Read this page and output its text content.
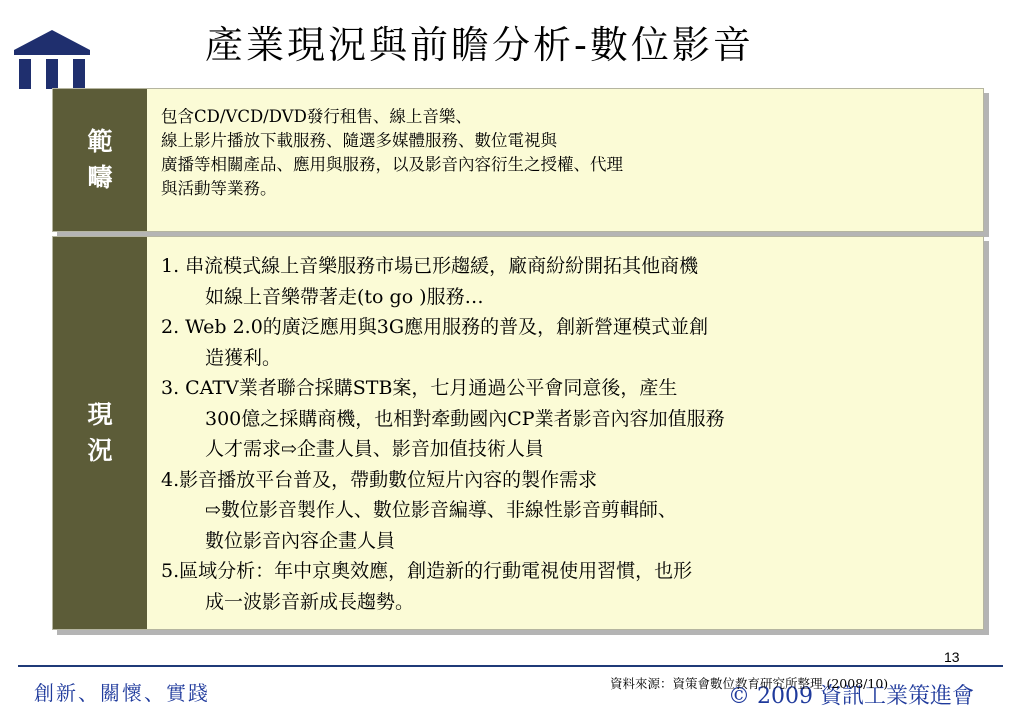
產業現況與前瞻分析-數位影音
範疇
包含CD/VCD/DVD發行租售、線上音樂、
線上影片播放下載服務、隨選多媒體服務、數位電視與
廣播等相關產品、應用與服務，以及影音內容衍生之授權、代理
與活動等業務。
現況
1. 串流模式線上音樂服務市場已形趨緩，廠商紛紛開拓其他商機
如線上音樂帶著走(to go )服務…
2. Web 2.0的廣泛應用與3G應用服務的普及，創新營運模式並創
造獲利。
3. CATV業者聯合採購STB案，七月通過公平會同意後，產生
300億之採購商機，也相對牽動國內CP業者影音內容加值服務
人才需求⇨企畫人員、影音加值技術人員
4.影音播放平台普及，帶動數位短片內容的製作需求
⇨數位影音製作人、數位影音編導、非線性影音剪輯師、
數位影音內容企畫人員
5.區域分析：年中京奧效應，創造新的行動電視使用習慣，也形
成一波影音新成長趨勢。
13
創新、關懷、實踐	© 2009 資訊工業策進會
資料來源：資策會數位教育研究所整理 (2008/10)
